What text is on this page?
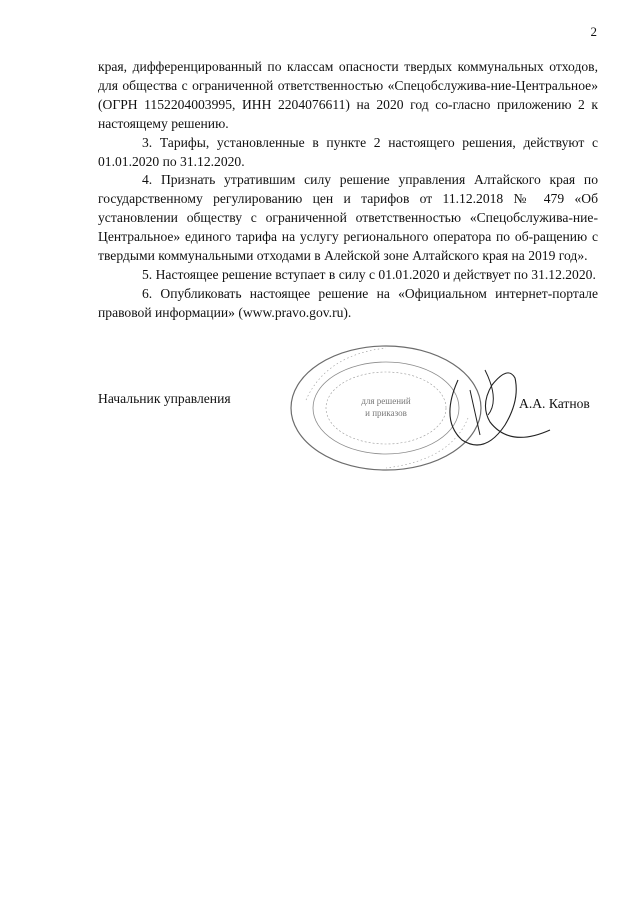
2

края, дифференцированный по классам опасности твердых коммунальных отходов, для общества с ограниченной ответственностью «Спецобслужива-ние-Центральное» (ОГРН 1152204003995, ИНН 2204076611) на 2020 год со-гласно приложению 2 к настоящему решению.

3. Тарифы, установленные в пункте 2 настоящего решения, действуют с 01.01.2020 по 31.12.2020.

4. Признать утратившим силу решение управления Алтайского края по государственному регулированию цен и тарифов от 11.12.2018 № 479 «Об установлении обществу с ограниченной ответственностью «Спецобслужива-ние-Центральное» единого тарифа на услугу регионального оператора по об-ращению с твердыми коммунальными отходами в Алейской зоне Алтайского края на 2019 год».

5. Настоящее решение вступает в силу с 01.01.2020 и действует по 31.12.2020.

6. Опубликовать настоящее решение на «Официальном интернет-портале правовой информации» (www.pravo.gov.ru).

Начальник управления	для решений
и приказов
А.А. Катнов
